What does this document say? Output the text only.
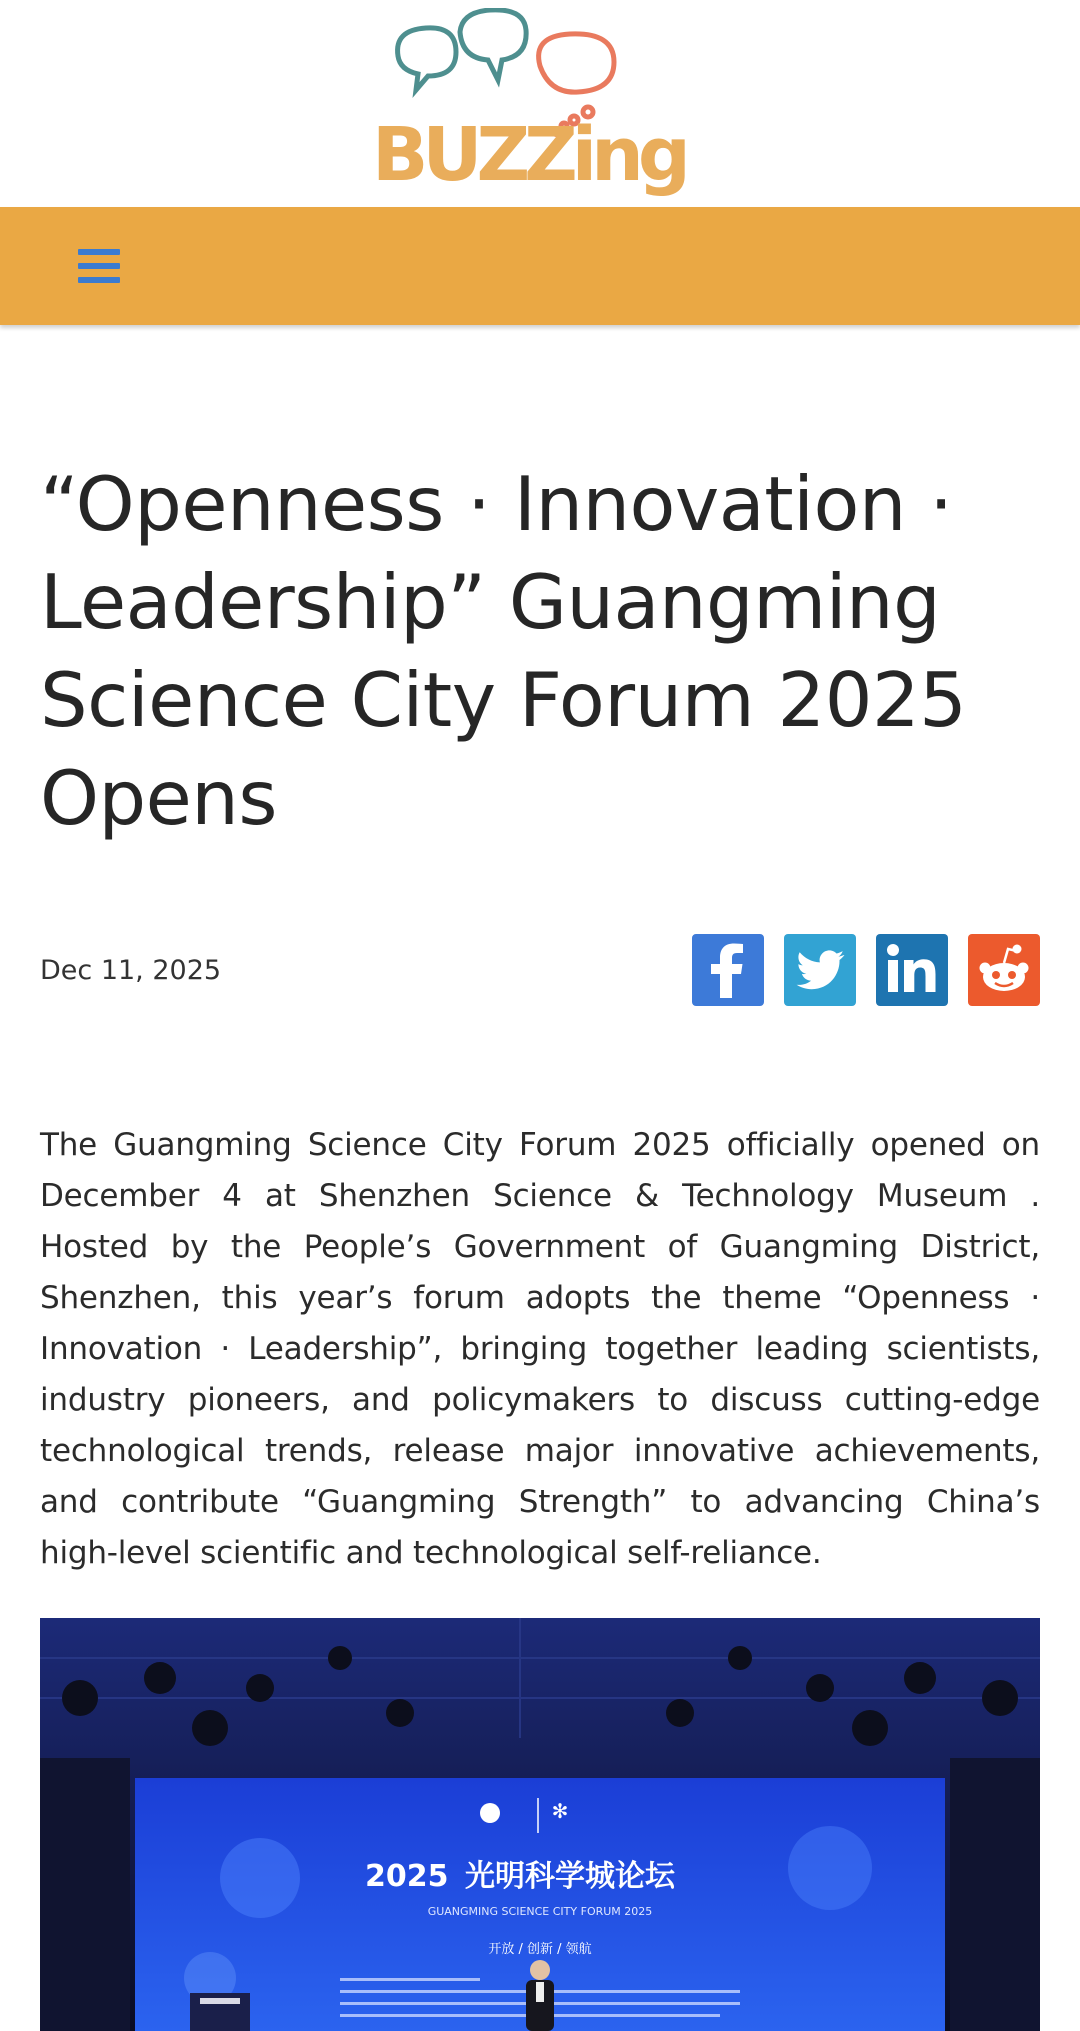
BUZZing
“Openness · Innovation · Leadership” Guangming Science City Forum 2025 Opens
Dec 11, 2025

The Guangming Science City Forum 2025 officially opened on December 4 at Shenzhen Science & Technology Museum . Hosted by the People’s Government of Guangming District, Shenzhen, this year’s forum adopts the theme “Openness · Innovation · Leadership”, bringing together leading scientists, industry pioneers, and policymakers to discuss cutting-edge technological trends, release major innovative achievements, and contribute “Guangming Strength” to advancing China’s high-level scientific and technological self-reliance.

✻
2025 光明科学城论坛
GUANGMING SCIENCE CITY FORUM 2025
开放 / 创新 / 领航
